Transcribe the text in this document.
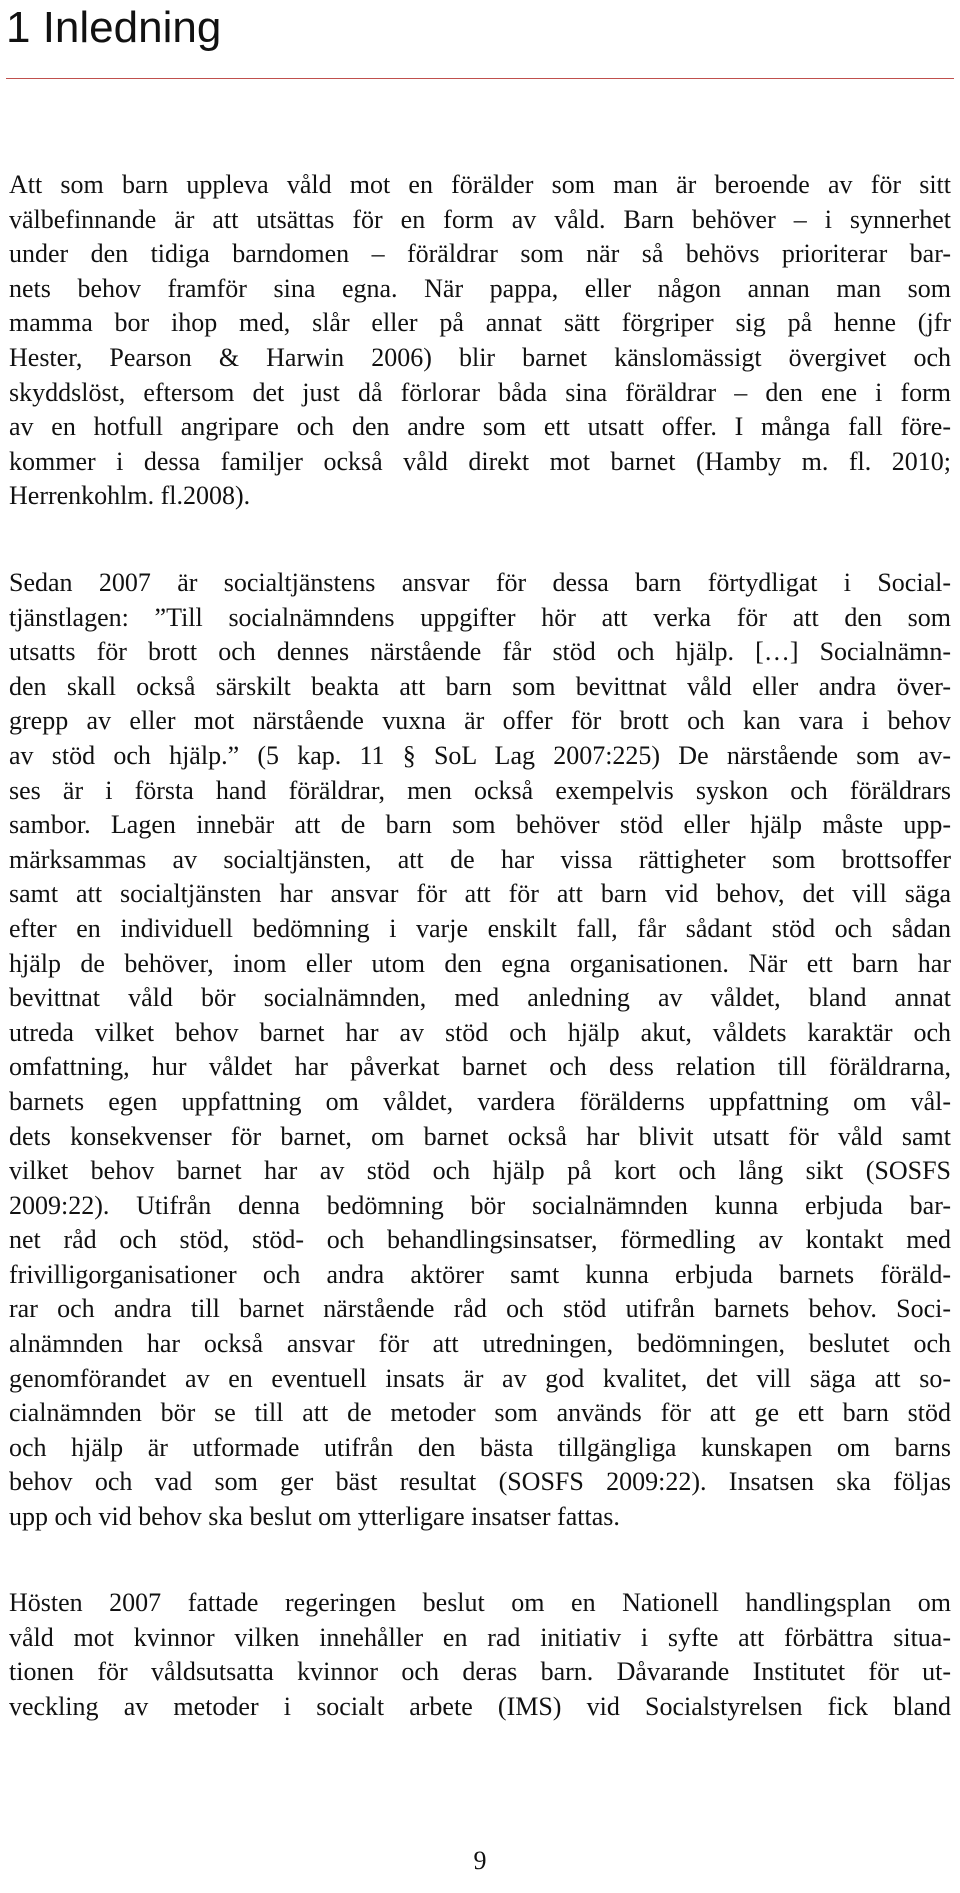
1 Inledning
Att som barn uppleva våld mot en förälder som man är beroende av för sitt
välbefinnande är att utsättas för en form av våld. Barn behöver – i synnerhet
under den tidiga barndomen – föräldrar som när så behövs prioriterar bar-
nets behov framför sina egna. När pappa, eller någon annan man som
mamma bor ihop med, slår eller på annat sätt förgriper sig på henne (jfr
Hester, Pearson & Harwin 2006) blir barnet känslomässigt övergivet och
skyddslöst, eftersom det just då förlorar båda sina föräldrar – den ene i form
av en hotfull angripare och den andre som ett utsatt offer. I många fall före-
kommer i dessa familjer också våld direkt mot barnet (Hamby m. fl. 2010;
Herrenkohlm. fl.2008).
Sedan 2007 är socialtjänstens ansvar för dessa barn förtydligat i Social-
tjänstlagen: ”Till socialnämndens uppgifter hör att verka för att den som
utsatts för brott och dennes närstående får stöd och hjälp. […] Socialnämn-
den skall också särskilt beakta att barn som bevittnat våld eller andra över-
grepp av eller mot närstående vuxna är offer för brott och kan vara i behov
av stöd och hjälp.” (5 kap. 11 § SoL Lag 2007:225) De närstående som av-
ses är i första hand föräldrar, men också exempelvis syskon och föräldrars
sambor. Lagen innebär att de barn som behöver stöd eller hjälp måste upp-
märksammas av socialtjänsten, att de har vissa rättigheter som brottsoffer
samt att socialtjänsten har ansvar för att för att barn vid behov, det vill säga
efter en individuell bedömning i varje enskilt fall, får sådant stöd och sådan
hjälp de behöver, inom eller utom den egna organisationen. När ett barn har
bevittnat våld bör socialnämnden, med anledning av våldet, bland annat
utreda vilket behov barnet har av stöd och hjälp akut, våldets karaktär och
omfattning, hur våldet har påverkat barnet och dess relation till föräldrarna,
barnets egen uppfattning om våldet, vardera förälderns uppfattning om vål-
dets konsekvenser för barnet, om barnet också har blivit utsatt för våld samt
vilket behov barnet har av stöd och hjälp på kort och lång sikt (SOSFS
2009:22). Utifrån denna bedömning bör socialnämnden kunna erbjuda bar-
net råd och stöd, stöd- och behandlingsinsatser, förmedling av kontakt med
frivilligorganisationer och andra aktörer samt kunna erbjuda barnets föräld-
rar och andra till barnet närstående råd och stöd utifrån barnets behov. Soci-
alnämnden har också ansvar för att utredningen, bedömningen, beslutet och
genomförandet av en eventuell insats är av god kvalitet, det vill säga att so-
cialnämnden bör se till att de metoder som används för att ge ett barn stöd
och hjälp är utformade utifrån den bästa tillgängliga kunskapen om barns
behov och vad som ger bäst resultat (SOSFS 2009:22). Insatsen ska följas
upp och vid behov ska beslut om ytterligare insatser fattas.
Hösten 2007 fattade regeringen beslut om en Nationell handlingsplan om
våld mot kvinnor vilken innehåller en rad initiativ i syfte att förbättra situa-
tionen för våldsutsatta kvinnor och deras barn. Dåvarande Institutet för ut-
veckling av metoder i socialt arbete (IMS) vid Socialstyrelsen fick bland
9
